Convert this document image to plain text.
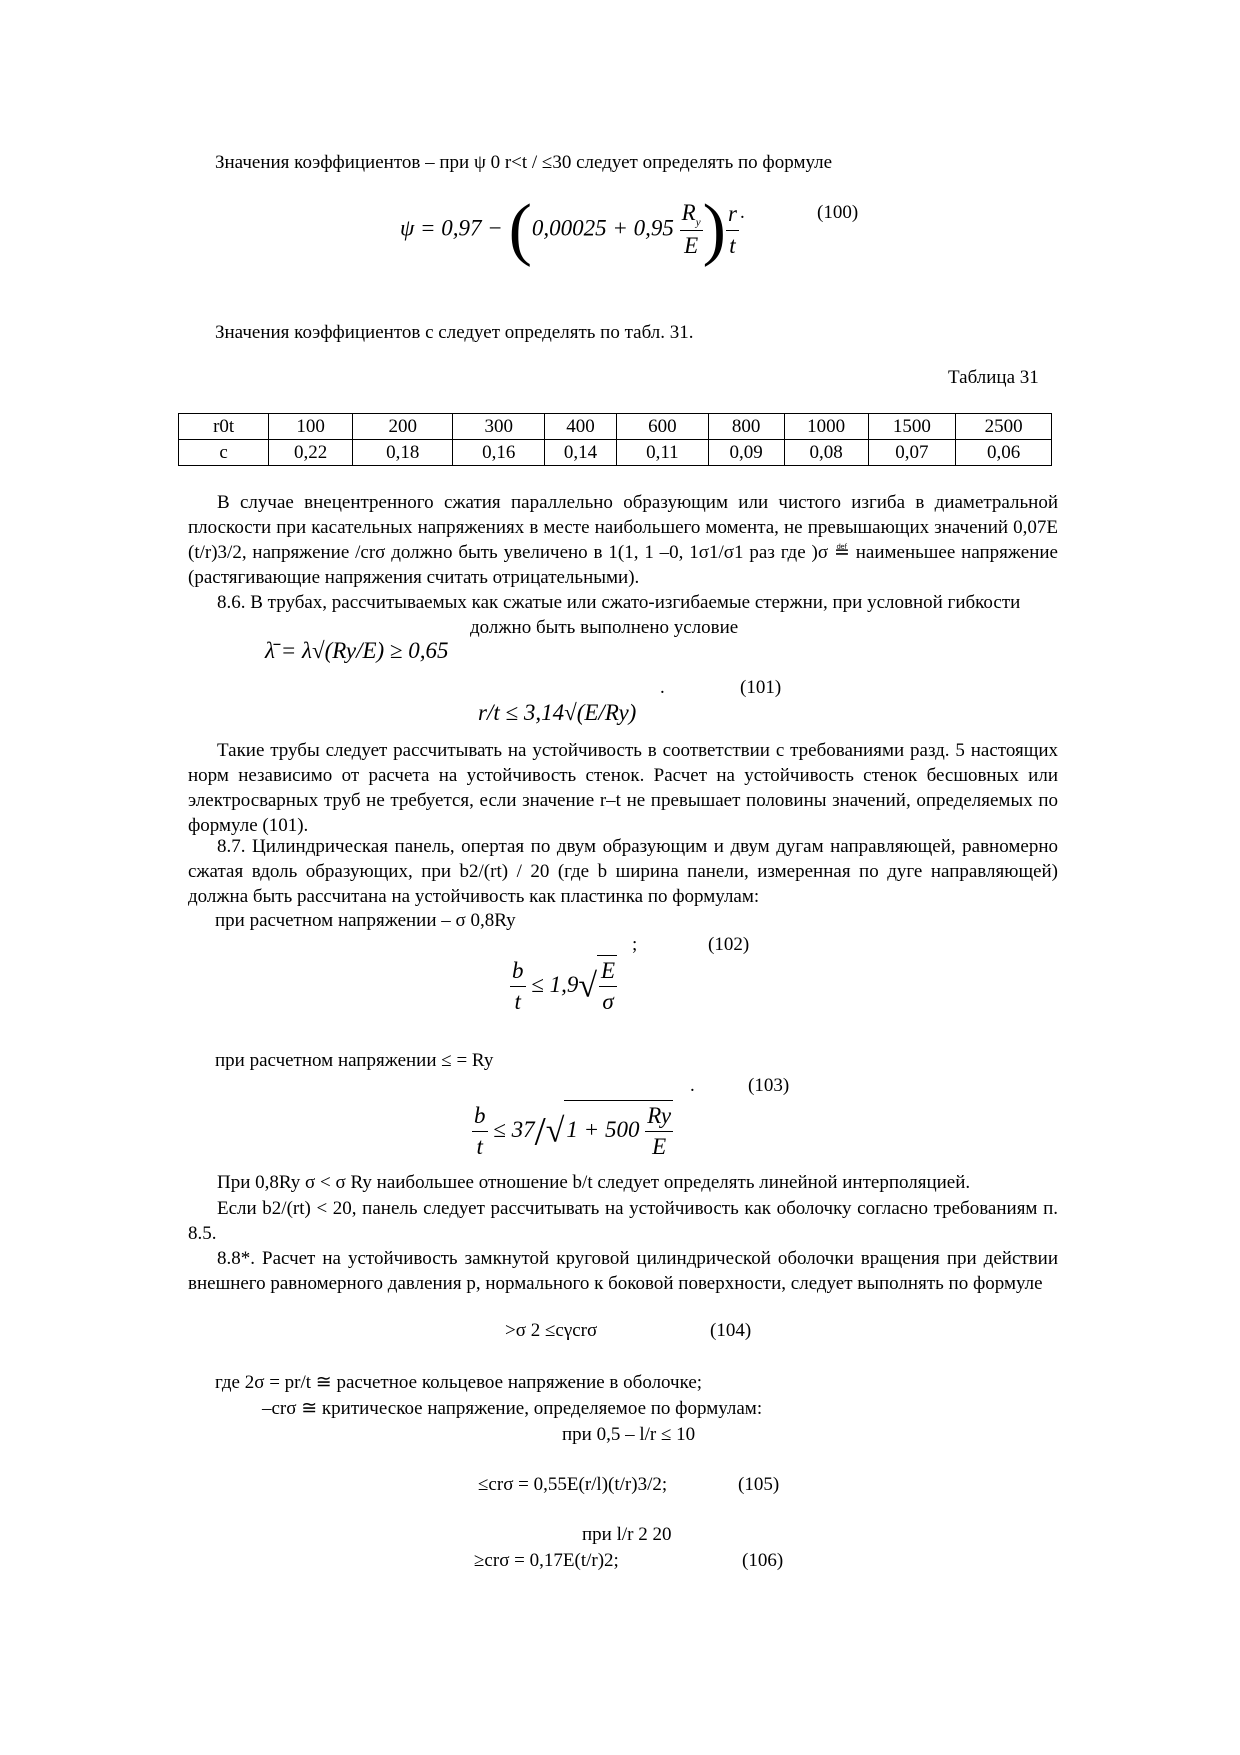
Значения коэффициентов – при ψ 0 r<t / ≤30 следует определять по формуле
$\psi = 0,97 - (0,00025 + 0,95 \frac{R_y}{E}$ ) $\frac{r}{t}$ .	(100)
Значения коэффициентов c следует определять по табл. 31.
Таблица 31
r0t	100	200	300	400	600	800	1000	1500	2500
c	0,22	0,18	0,16	0,14	0,11	0,09	0,08	0,07	0,06

В случае внецентренного сжатия параллельно образующим или чистого изгиба в диаметральной плоскости при касательных напряжениях в месте наибольшего момента, не превышающих значений 0,07E (t/r)3/2, напряжение /crσ должно быть увеличено в 1(1, 1 –0, 1σ1/σ1 раз где )σ ≝ наименьшее напряжение (растягивающие напряжения считать отрицательными).

8.6. В трубах, рассчитываемых как сжатые или сжато-изгибаемые стержни, при условной гибкости

должно быть выполнено условие
λ̄ = λ√(Ry/E) ≥ 0,65
r/t ≤ 3,14√(E/Ry)
.	(101)

Такие трубы следует рассчитывать на устойчивость в соответствии с требованиями разд. 5 настоящих норм независимо от расчета на устойчивость стенок. Расчет на устойчивость стенок бесшовных или электросварных труб не требуется, если значение r–t не превышает половины значений, определяемых по формуле (101).

8.7. Цилиндрическая панель, опертая по двум образующим и двум дугам направляющей, равномерно сжатая вдоль образующих, при b2/(rt) / 20 (где b ширина панели, измеренная по дуге направляющей) должна быть рассчитана на устойчивость как пластинка по формулам:

при расчетном напряжении – σ 0,8Ry
$\frac{b}{t} \le 1,9√ \frac{E}{\sigma}$
;	(102)
при расчетном напряжении ≤ = Ry
$\frac{b}{t} \le 37/√1 + 500 \frac{Ry}{E}$
.	(103)

При 0,8Ry σ < σ Ry наибольшее отношение b/t следует определять линейной интерполяцией.

Если b2/(rt) < 20, панель следует рассчитывать на устойчивость как оболочку согласно требованиям п. 8.5.

8.8*. Расчет на устойчивость замкнутой круговой цилиндрической оболочки вращения при действии внешнего равномерного давления p, нормального к боковой поверхности, следует выполнять по формуле

>σ 2 ≤cγcrσ	(104)
где 2σ = pr/t ≅ расчетное кольцевое напряжение в оболочке;
–crσ ≅ критическое напряжение, определяемое по формулам:
при 0,5 – l/r ≤ 10
≤crσ = 0,55E(r/l)(t/r)3/2;	(105)
при l/r 2 20
≥crσ = 0,17E(t/r)2;	(106)
